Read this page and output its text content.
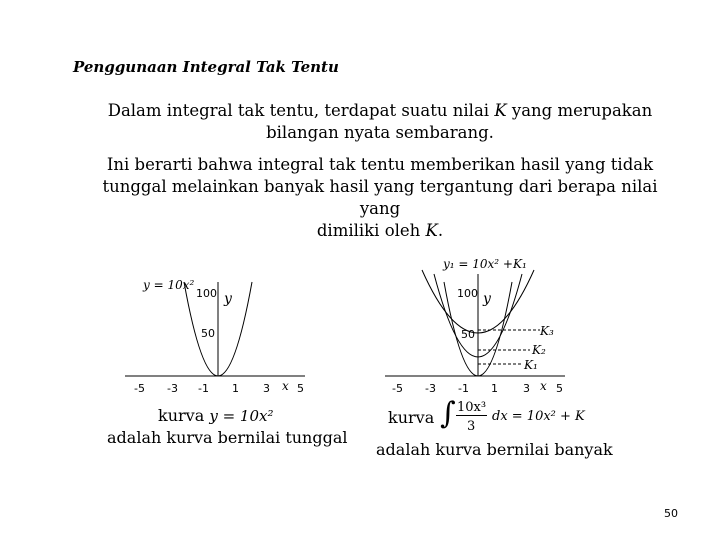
Penggunaan Integral Tak Tentu
Dalam integral tak tentu, terdapat suatu nilai K yang merupakan
bilangan nyata sembarang.
Ini berarti bahwa integral tak tentu memberikan hasil yang tidak
tunggal melainkan banyak hasil yang tergantung dari berapa nilai yang
dimiliki oleh K.
y = 10x²
100 y
50
-5 -3 -1 1 3 x 5
y₁ = 10x² +K₁
100 y
50	K₃
K₂
K₁
-5 -3 -1 1 3 x 5
kurva y = 10x²
adalah kurva bernilai tunggal
kurva ∫ 10x³
3
dx = 10x² + K
adalah kurva bernilai banyak
50
